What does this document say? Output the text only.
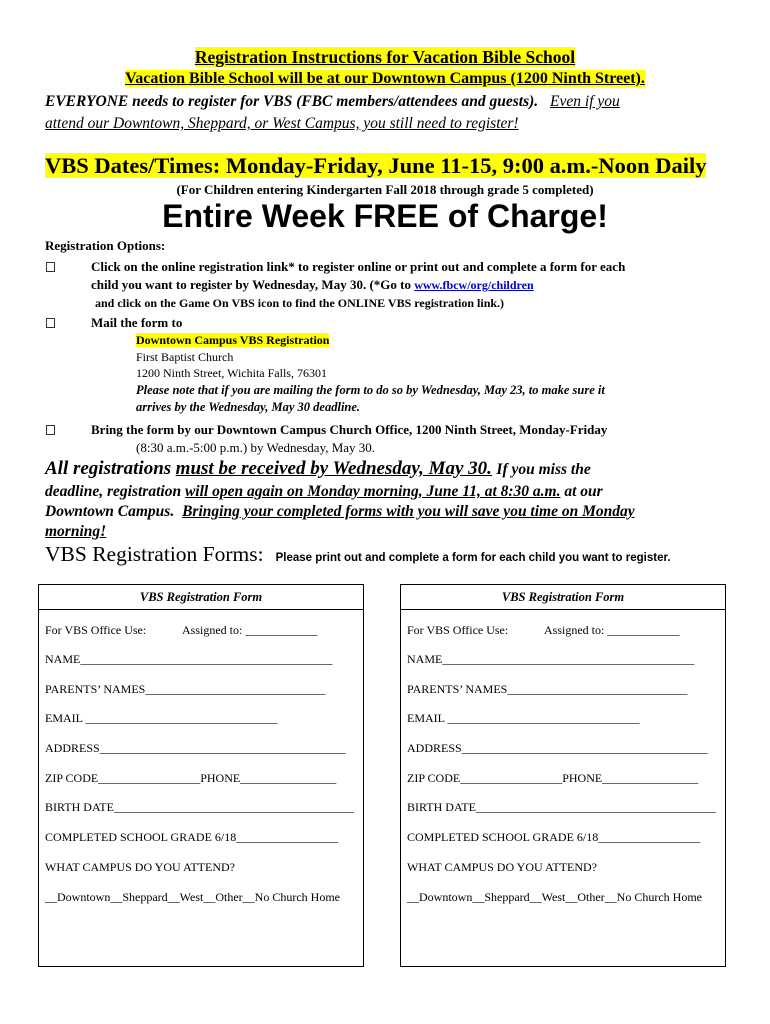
Registration Instructions for Vacation Bible School
Vacation Bible School will be at our Downtown Campus (1200 Ninth Street).
EVERYONE needs to register for VBS (FBC members/attendees and guests). Even if you
attend our Downtown, Sheppard, or West Campus, you still need to register!
VBS Dates/Times: Monday-Friday, June 11-15, 9:00 a.m.-Noon Daily
(For Children entering Kindergarten Fall 2018 through grade 5 completed)
Entire Week FREE of Charge!
Registration Options:
Click on the online registration link* to register online or print out and complete a form for each
child you want to register by Wednesday, May 30. (*Go to www.fbcw/org/children
and click on the Game On VBS icon to find the ONLINE VBS registration link.)
Mail the form to
Downtown Campus VBS Registration
First Baptist Church
1200 Ninth Street, Wichita Falls, 76301
Please note that if you are mailing the form to do so by Wednesday, May 23, to make sure it
arrives by the Wednesday, May 30 deadline.
Bring the form by our Downtown Campus Church Office, 1200 Ninth Street, Monday-Friday
(8:30 a.m.-5:00 p.m.) by Wednesday, May 30.
All registrations must be received by Wednesday, May 30. If you miss the
deadline, registration will open again on Monday morning, June 11, at 8:30 a.m. at our
Downtown Campus. Bringing your completed forms with you will save you time on Monday
morning!
VBS Registration Forms: Please print out and complete a form for each child you want to register.
VBS Registration Form
For VBS Office Use:	Assigned to: ____________
NAME__________________________________________
PARENTS’ NAMES______________________________
EMAIL ________________________________
ADDRESS_________________________________________
ZIP CODE_________________PHONE________________
BIRTH DATE________________________________________
COMPLETED SCHOOL GRADE 6/18_________________
WHAT CAMPUS DO YOU ATTEND?
__Downtown__Sheppard__West__Other__No Church Home
VBS Registration Form
For VBS Office Use:	Assigned to: ____________
NAME__________________________________________
PARENTS’ NAMES______________________________
EMAIL ________________________________
ADDRESS_________________________________________
ZIP CODE_________________PHONE________________
BIRTH DATE________________________________________
COMPLETED SCHOOL GRADE 6/18_________________
WHAT CAMPUS DO YOU ATTEND?
__Downtown__Sheppard__West__Other__No Church Home
